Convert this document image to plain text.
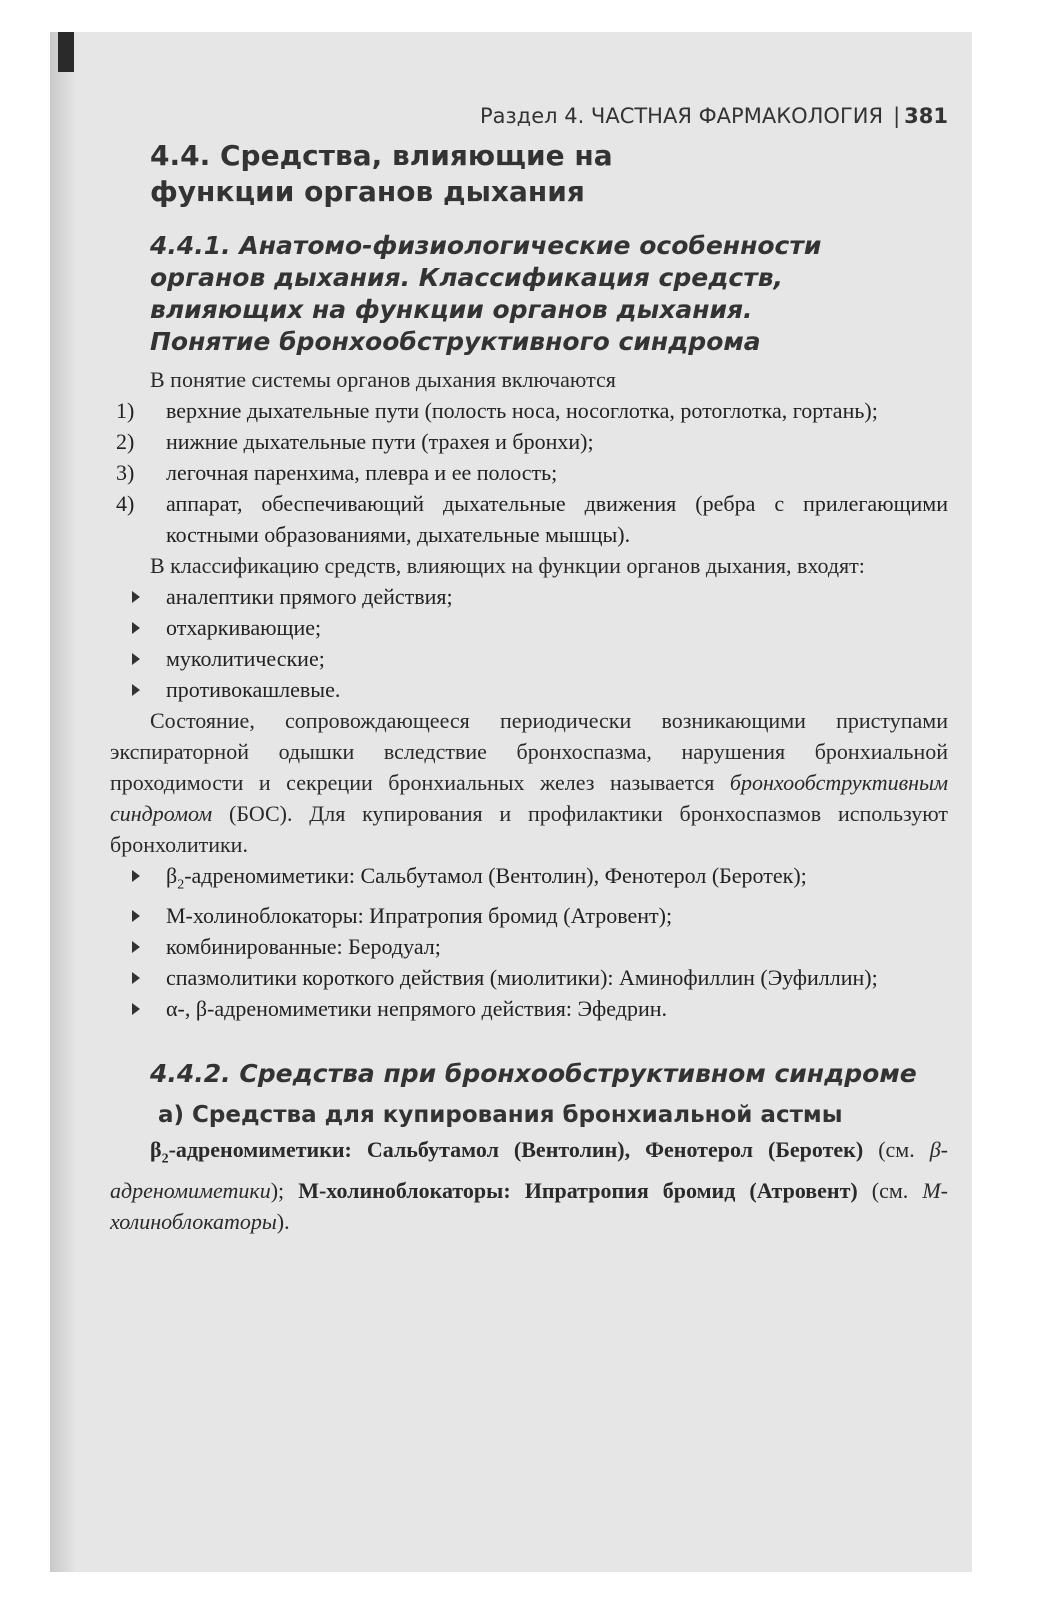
Раздел 4. ЧАСТНАЯ ФАРМАКОЛОГИЯ | 381
4.4. Средства, влияющие на функции органов дыхания
4.4.1. Анатомо-физиологические особенности органов дыхания. Классификация средств, влияющих на функции органов дыхания. Понятие бронхообструктивного синдрома

В понятие системы органов дыхания включаются

1) верхние дыхательные пути (полость носа, носоглотка, ротоглотка, гортань);
2) нижние дыхательные пути (трахея и бронхи);
3) легочная паренхима, плевра и ее полость;
4) аппарат, обеспечивающий дыхательные движения (ребра с прилегающими костными образованиями, дыхательные мышцы).

В классификацию средств, влияющих на функции органов дыхания, входят:

аналептики прямого действия;
отхаркивающие;
муколитические;
противокашлевые.

Состояние, сопровождающееся периодически возникающими приступами экспираторной одышки вследствие бронхоспазма, нарушения бронхиальной проходимости и секреции бронхиальных желез называется бронхообструктивным синдромом (БОС). Для купирования и профилактики бронхоспазмов используют бронхолитики.

$\beta_2$-адреномиметики: Сальбутамол (Вентолин), Фенотерол (Беротек);
М-холиноблокаторы: Ипратропия бромид (Атровент);
комбинированные: Беродуал;
спазмолитики короткого действия (миолитики): Аминофиллин (Эуфиллин);
α-, β-адреномиметики непрямого действия: Эфедрин.
4.4.2. Средства при бронхообструктивном синдроме
а) Средства для купирования бронхиальной астмы

$\beta_2$-адреномиметики: Сальбутамол (Вентолин), Фенотерол (Беротек) (см. β-адреномиметики); М-холиноблокаторы: Ипратропия бромид (Атровент) (см. М-холиноблокаторы).
